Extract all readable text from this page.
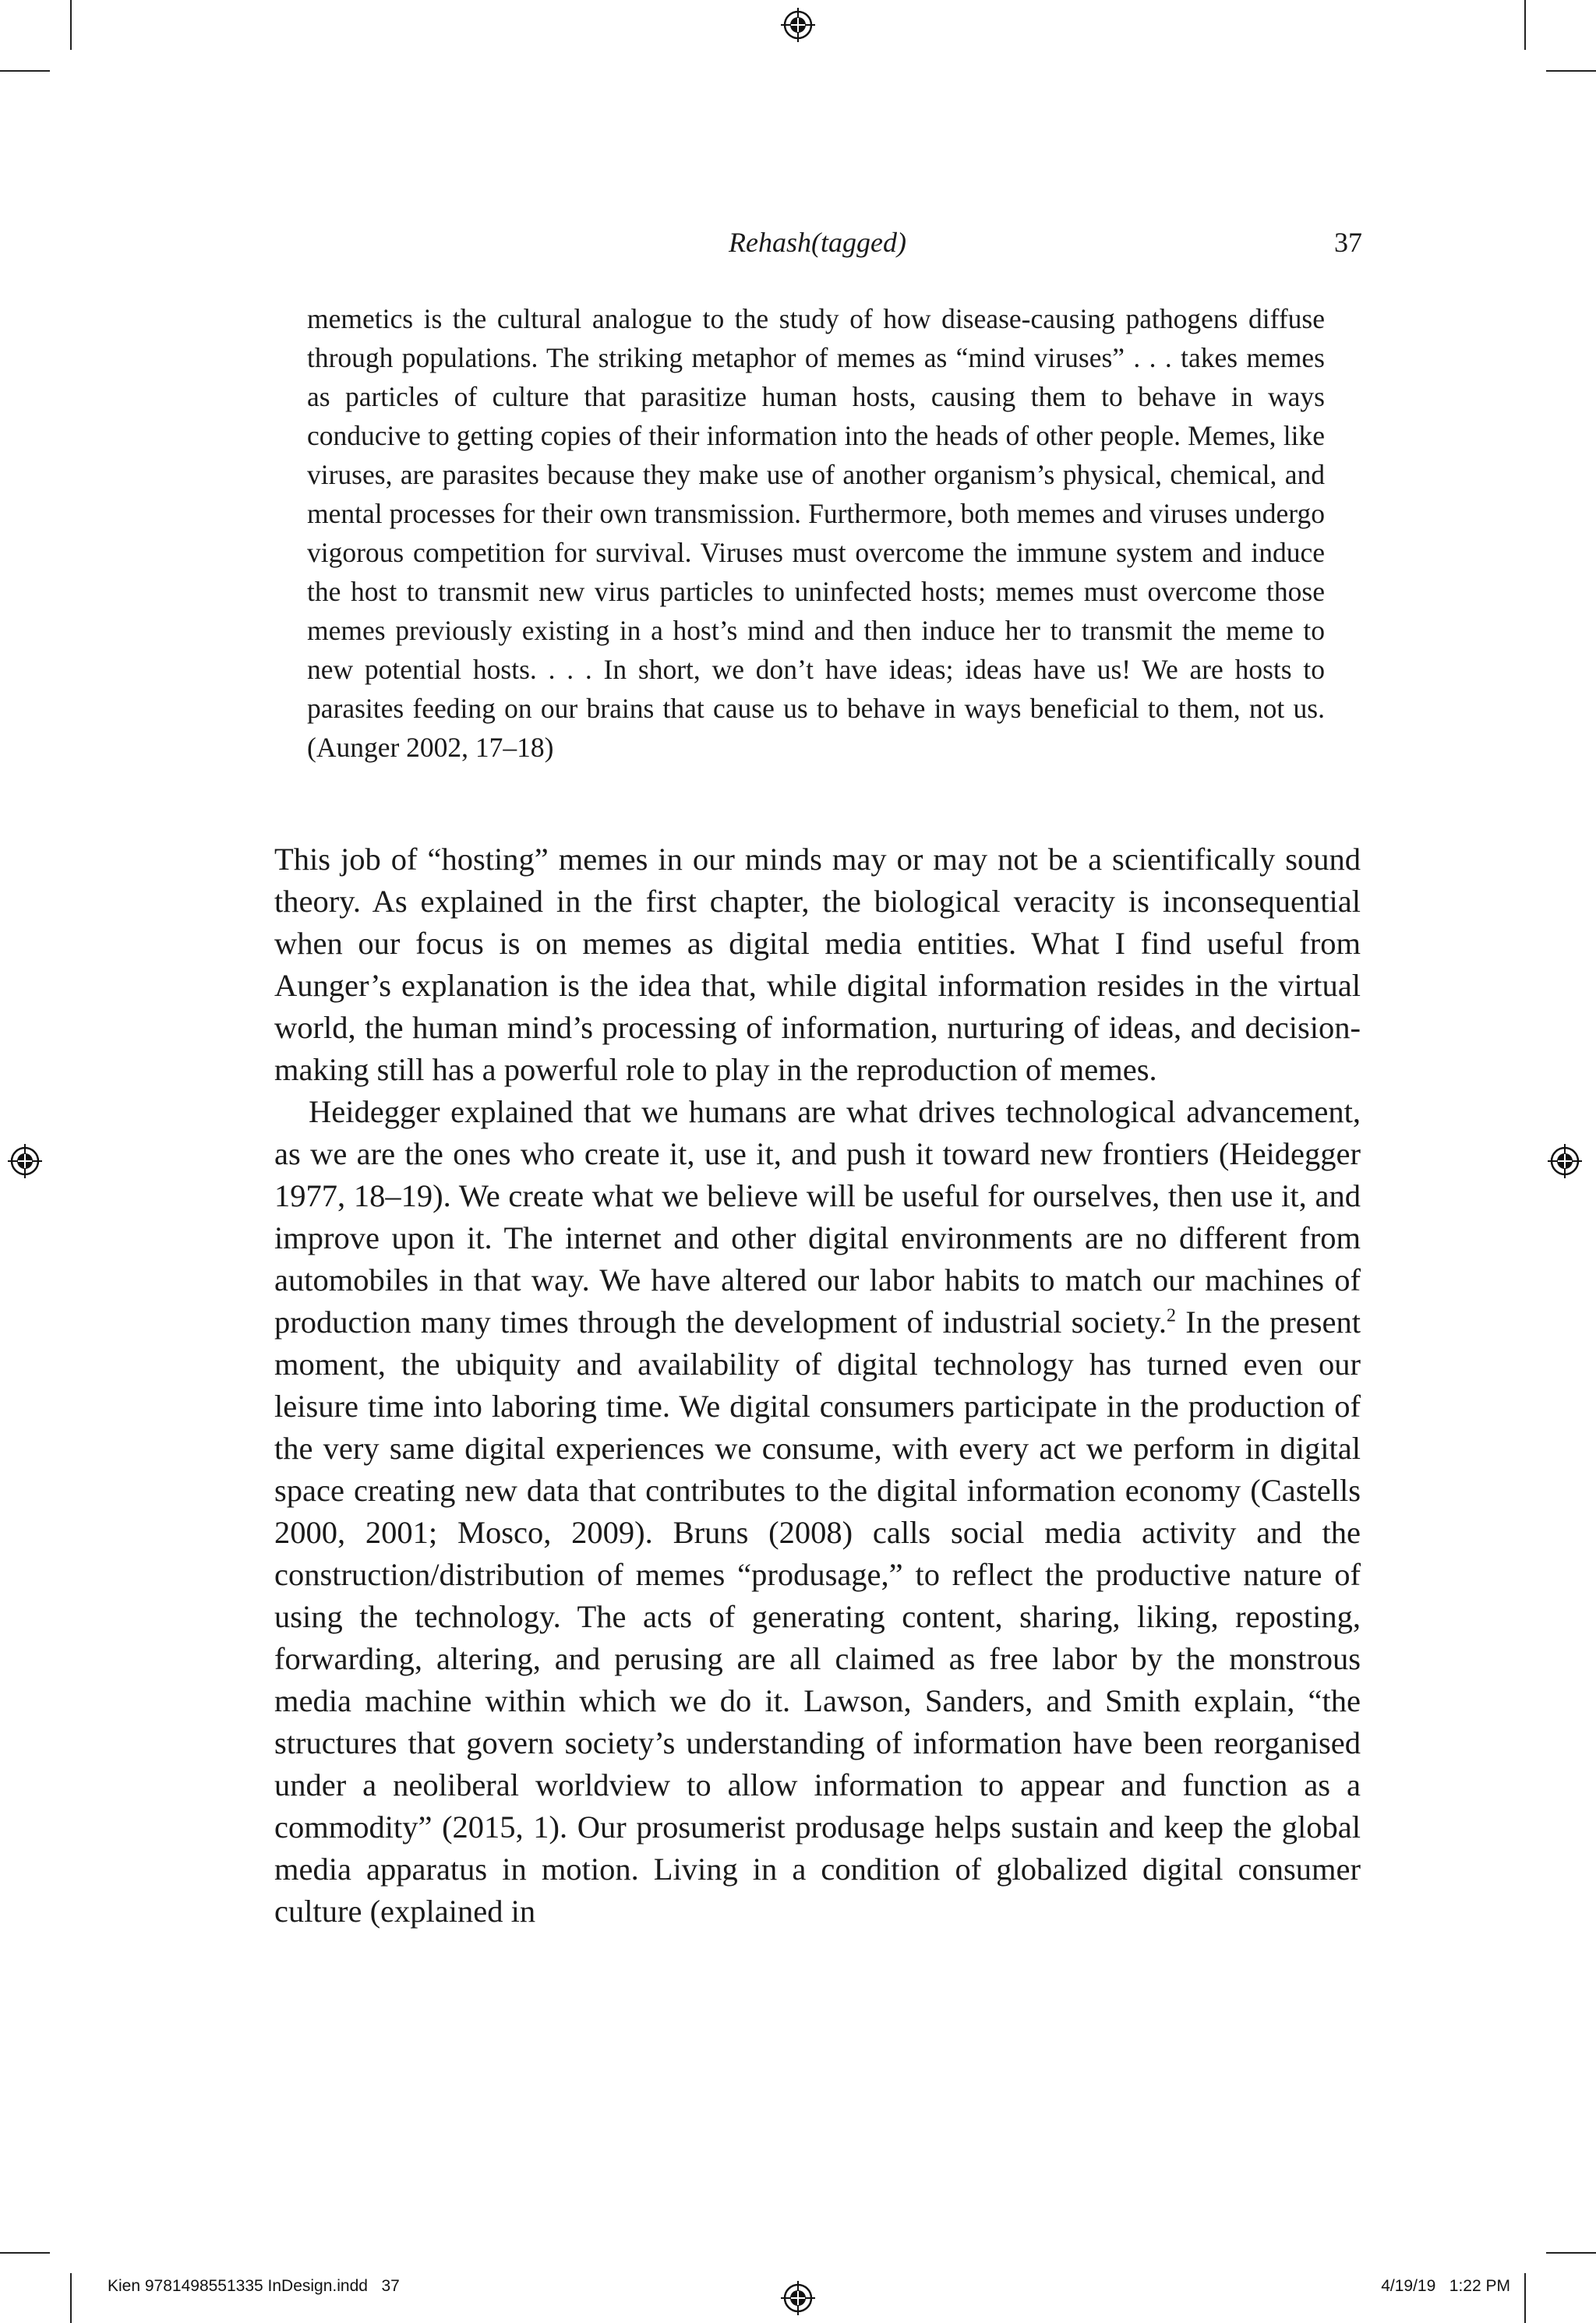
Rehash(tagged)	37

memetics is the cultural analogue to the study of how disease-causing pathogens diffuse through populations. The striking metaphor of memes as “mind viruses” . . . takes memes as particles of culture that parasitize human hosts, causing them to behave in ways conducive to getting copies of their information into the heads of other people. Memes, like viruses, are parasites because they make use of another organism’s physical, chemical, and mental processes for their own transmission. Furthermore, both memes and viruses undergo vigorous competition for survival. Viruses must overcome the immune system and induce the host to transmit new virus particles to uninfected hosts; memes must overcome those memes previously existing in a host’s mind and then induce her to transmit the meme to new potential hosts. . . . In short, we don’t have ideas; ideas have us! We are hosts to parasites feeding on our brains that cause us to behave in ways beneficial to them, not us. (Aunger 2002, 17–18)

This job of “hosting” memes in our minds may or may not be a scientifically sound theory. As explained in the first chapter, the biological veracity is inconsequential when our focus is on memes as digital media entities. What I find useful from Aunger’s explanation is the idea that, while digital information resides in the virtual world, the human mind’s processing of information, nurturing of ideas, and decision-making still has a powerful role to play in the reproduction of memes.

Heidegger explained that we humans are what drives technological advancement, as we are the ones who create it, use it, and push it toward new frontiers (Heidegger 1977, 18–19). We create what we believe will be useful for ourselves, then use it, and improve upon it. The internet and other digital environments are no different from automobiles in that way. We have altered our labor habits to match our machines of production many times through the development of industrial society.$^2$ In the present moment, the ubiquity and availability of digital technology has turned even our leisure time into laboring time. We digital consumers participate in the production of the very same digital experiences we consume, with every act we perform in digital space creating new data that contributes to the digital information economy (Castells 2000, 2001; Mosco, 2009). Bruns (2008) calls social media activity and the construction/distribution of memes “produsage,” to reflect the productive nature of using the technology. The acts of generating content, sharing, liking, reposting, forwarding, altering, and perusing are all claimed as free labor by the monstrous media machine within which we do it. Lawson, Sanders, and Smith explain, “the structures that govern society’s understanding of information have been reorganised under a neoliberal worldview to allow information to appear and function as a commodity” (2015, 1). Our prosumerist produsage helps sustain and keep the global media apparatus in motion. Living in a condition of globalized digital consumer culture (explained in

Kien 9781498551335 InDesign.indd   37	4/19/19   1:22 PM
